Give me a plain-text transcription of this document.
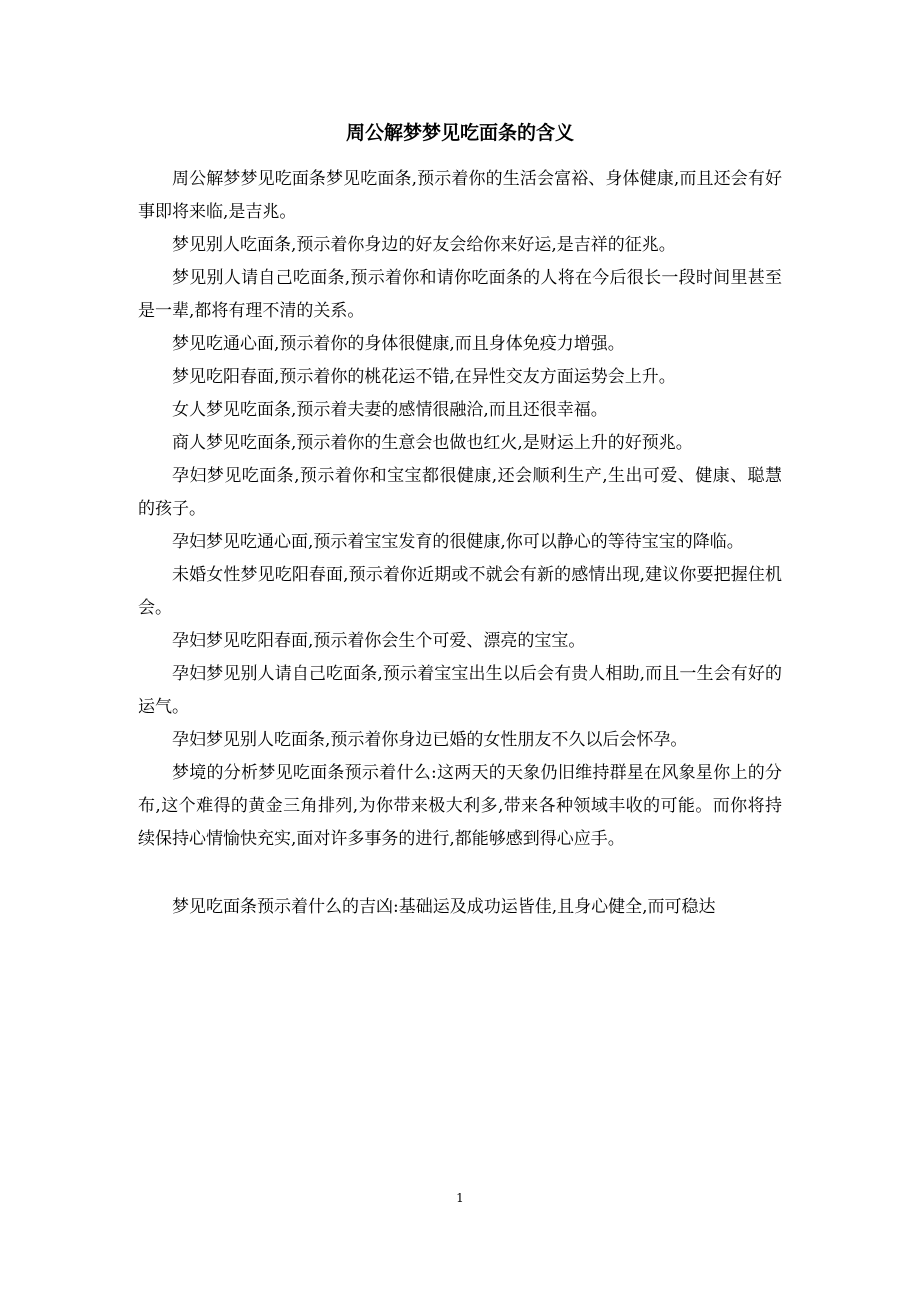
周公解梦梦见吃面条的含义

周公解梦梦见吃面条梦见吃面条,预示着你的生活会富裕、身体健康,而且还会有好事即将来临,是吉兆。

梦见别人吃面条,预示着你身边的好友会给你来好运,是吉祥的征兆。

梦见别人请自己吃面条,预示着你和请你吃面条的人将在今后很长一段时间里甚至是一辈,都将有理不清的关系。

梦见吃通心面,预示着你的身体很健康,而且身体免疫力增强。

梦见吃阳春面,预示着你的桃花运不错,在异性交友方面运势会上升。

女人梦见吃面条,预示着夫妻的感情很融洽,而且还很幸福。

商人梦见吃面条,预示着你的生意会也做也红火,是财运上升的好预兆。

孕妇梦见吃面条,预示着你和宝宝都很健康,还会顺利生产,生出可爱、健康、聪慧的孩子。

孕妇梦见吃通心面,预示着宝宝发育的很健康,你可以静心的等待宝宝的降临。

未婚女性梦见吃阳春面,预示着你近期或不就会有新的感情出现,建议你要把握住机会。

孕妇梦见吃阳春面,预示着你会生个可爱、漂亮的宝宝。

孕妇梦见别人请自己吃面条,预示着宝宝出生以后会有贵人相助,而且一生会有好的运气。

孕妇梦见别人吃面条,预示着你身边已婚的女性朋友不久以后会怀孕。

梦境的分析梦见吃面条预示着什么:这两天的天象仍旧维持群星在风象星你上的分布,这个难得的黄金三角排列,为你带来极大利多,带来各种领域丰收的可能。而你将持续保持心情愉快充实,面对许多事务的进行,都能够感到得心应手。

梦见吃面条预示着什么的吉凶:基础运及成功运皆佳,且身心健全,而可稳达

1
